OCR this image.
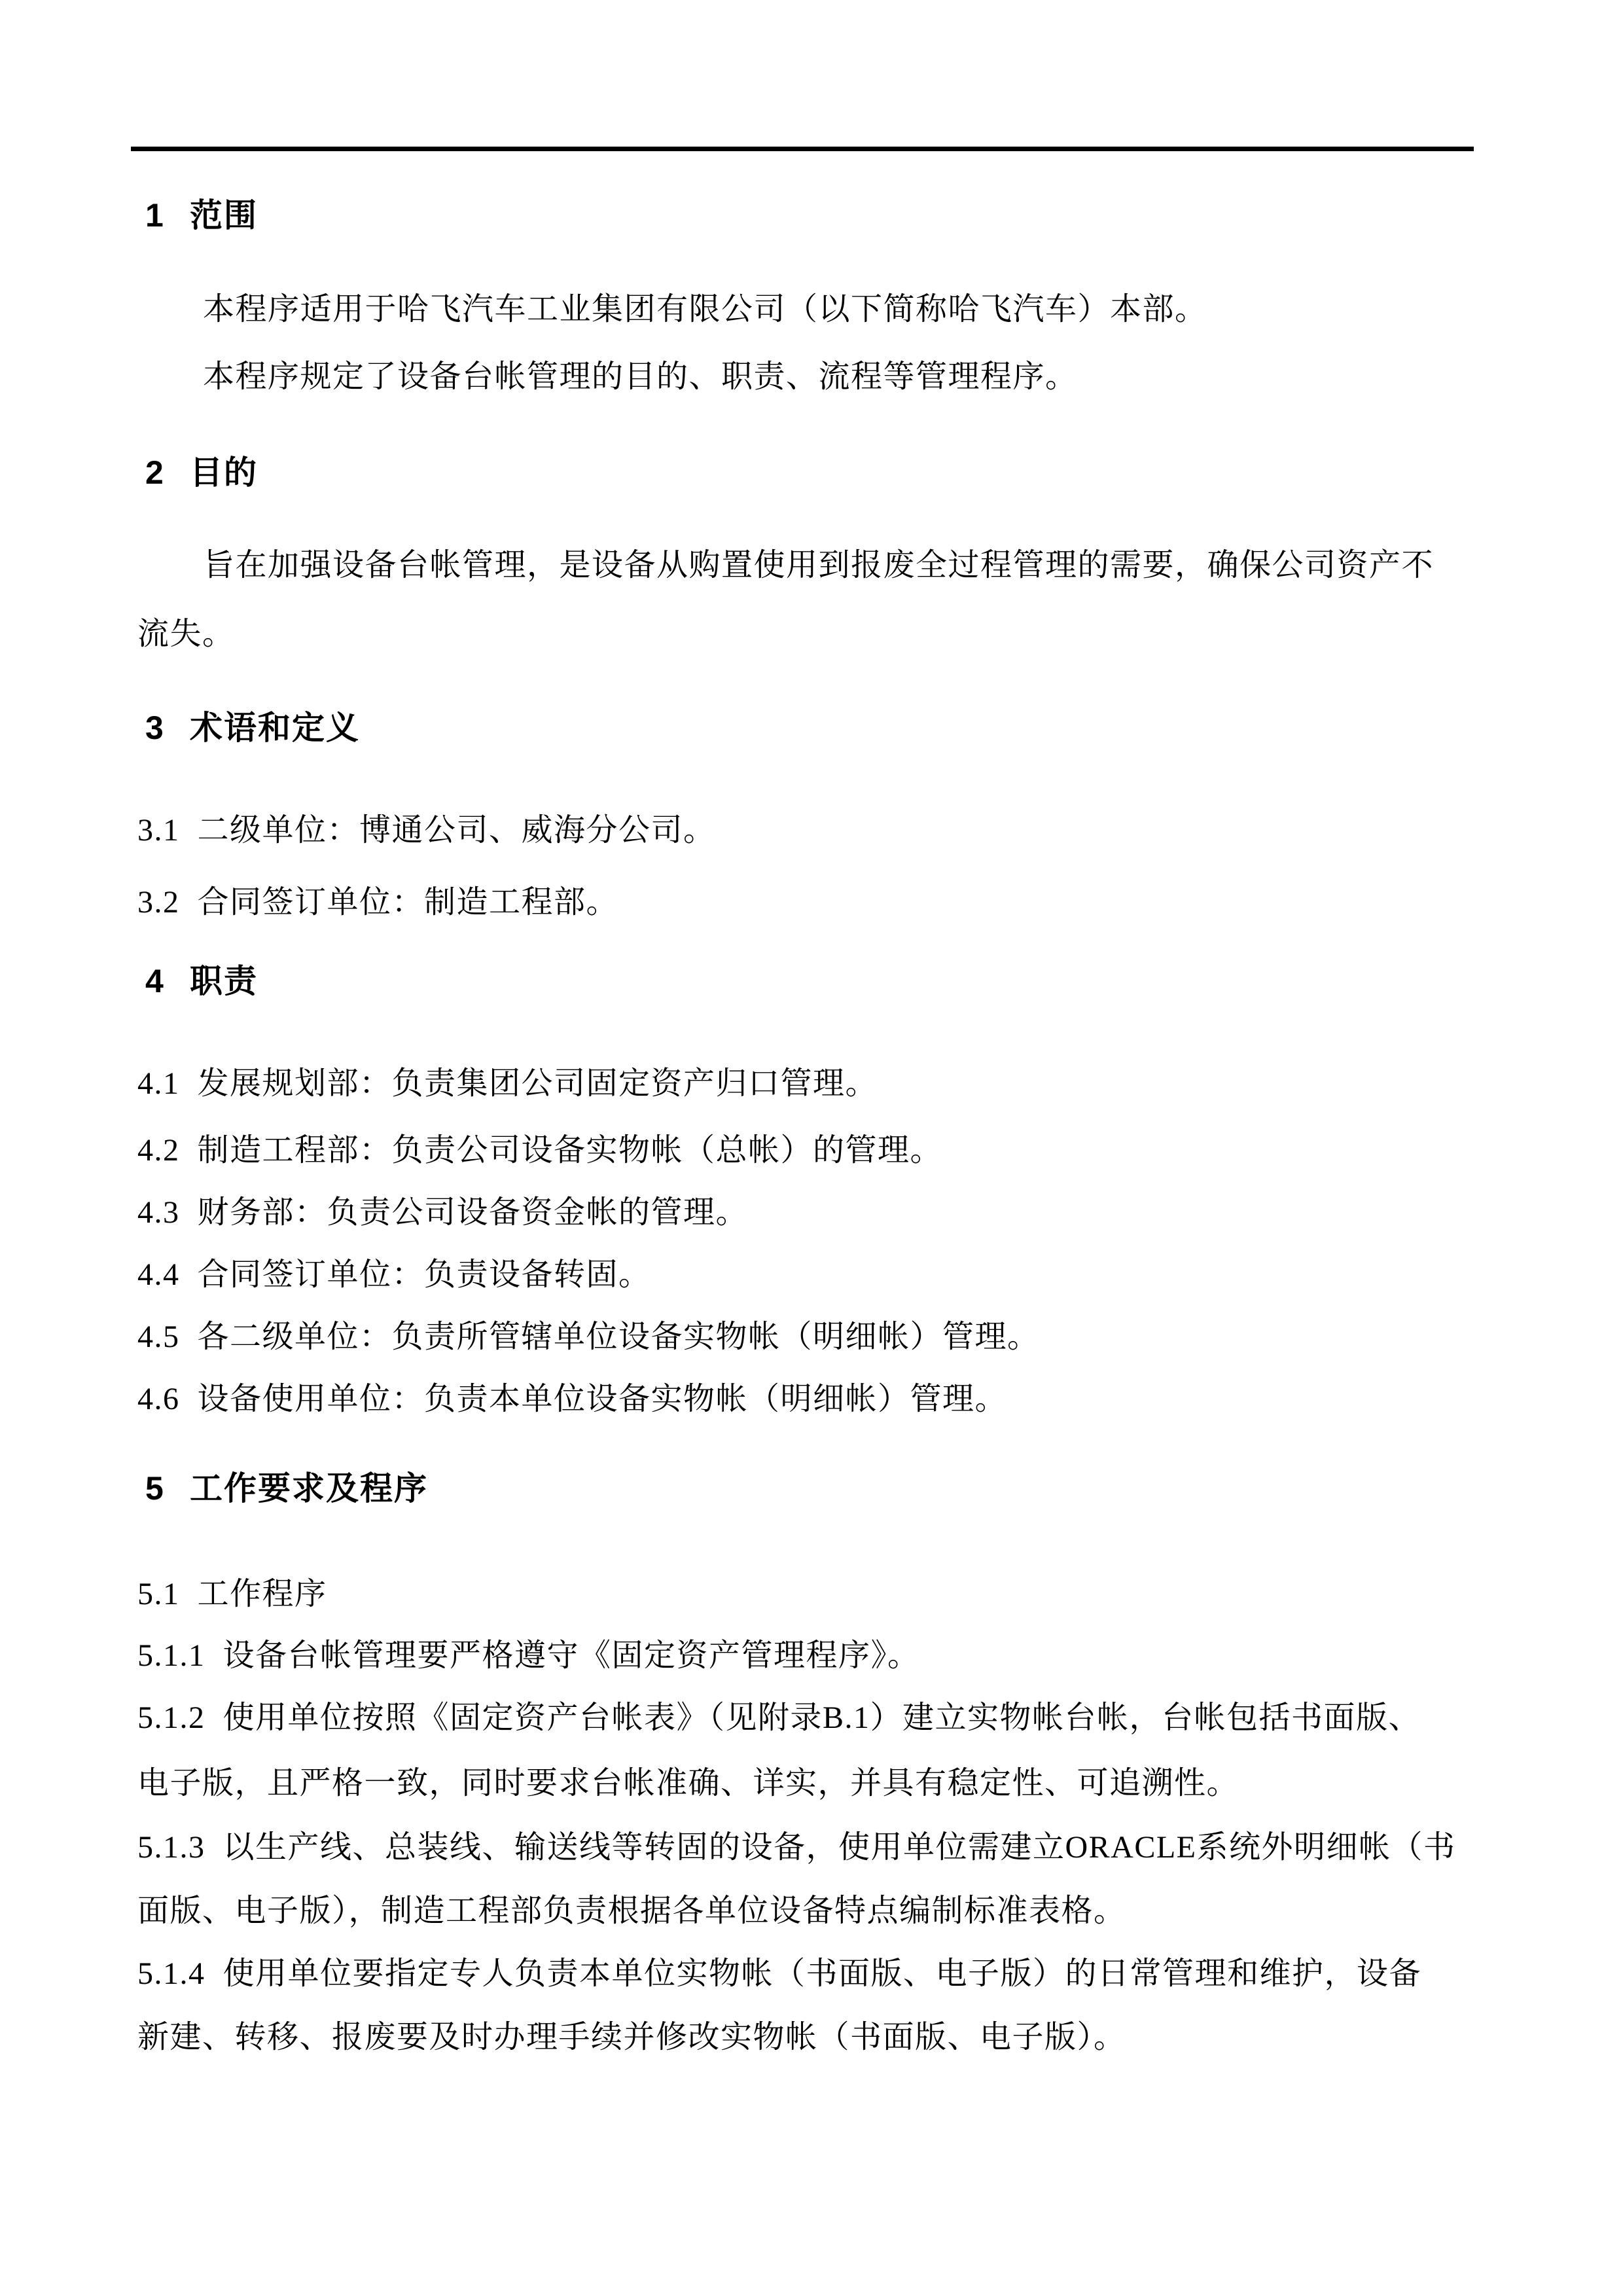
1 范围
本程序适用于哈飞汽车工业集团有限公司（以下简称哈飞汽车）本部。
本程序规定了设备台帐管理的目的、职责、流程等管理程序。
2 目的
旨在加强设备台帐管理，是设备从购置使用到报废全过程管理的需要，确保公司资产不
流失。
3 术语和定义
3.1  二级单位：博通公司、威海分公司。
3.2  合同签订单位：制造工程部。
4 职责
4.1  发展规划部：负责集团公司固定资产归口管理。
4.2  制造工程部：负责公司设备实物帐（总帐）的管理。
4.3  财务部：负责公司设备资金帐的管理。
4.4  合同签订单位：负责设备转固。
4.5  各二级单位：负责所管辖单位设备实物帐（明细帐）管理。
4.6  设备使用单位：负责本单位设备实物帐（明细帐）管理。
5 工作要求及程序
5.1  工作程序
5.1.1  设备台帐管理要严格遵守《固定资产管理程序》。
5.1.2  使用单位按照《固定资产台帐表》（见附录B.1）建立实物帐台帐，台帐包括书面版、
电子版，且严格一致，同时要求台帐准确、详实，并具有稳定性、可追溯性。
5.1.3  以生产线、总装线、输送线等转固的设备，使用单位需建立ORACLE系统外明细帐（书
面版、电子版），制造工程部负责根据各单位设备特点编制标准表格。
5.1.4  使用单位要指定专人负责本单位实物帐（书面版、电子版）的日常管理和维护，设备
新建、转移、报废要及时办理手续并修改实物帐（书面版、电子版）。
